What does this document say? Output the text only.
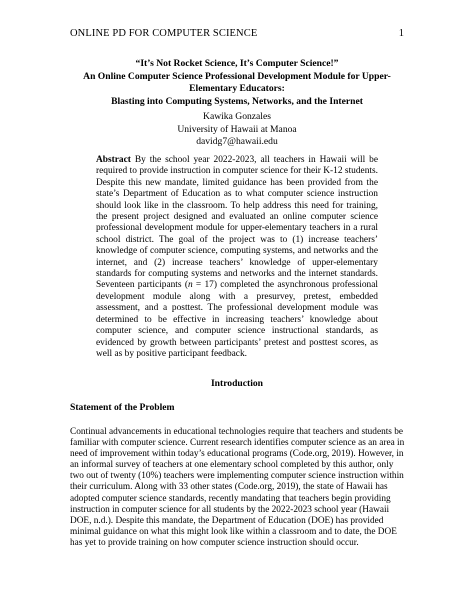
ONLINE PD FOR COMPUTER SCIENCE	1
“It’s Not Rocket Science, It’s Computer Science!”
An Online Computer Science Professional Development Module for Upper-
Elementary Educators:
Blasting into Computing Systems, Networks, and the Internet
Kawika Gonzales
University of Hawaii at Manoa
davidg7@hawaii.edu
Abstract By the school year 2022-2023, all teachers in Hawaii will be required to provide instruction in computer science for their K-12 students. Despite this new mandate, limited guidance has been provided from the state’s Department of Education as to what computer science instruction should look like in the classroom. To help address this need for training, the present project designed and evaluated an online computer science professional development module for upper-elementary teachers in a rural school district. The goal of the project was to (1) increase teachers’ knowledge of computer science, computing systems, and networks and the internet, and (2) increase teachers’ knowledge of upper-elementary standards for computing systems and networks and the internet standards. Seventeen participants (n = 17) completed the asynchronous professional development module along with a presurvey, pretest, embedded assessment, and a posttest. The professional development module was determined to be effective in increasing teachers’ knowledge about computer science, and computer science instructional standards, as evidenced by growth between participants’ pretest and posttest scores, as well as by positive participant feedback.
Introduction
Statement of the Problem
Continual advancements in educational technologies require that teachers and students be familiar with computer science. Current research identifies computer science as an area in need of improvement within today’s educational programs (Code.org, 2019). However, in an informal survey of teachers at one elementary school completed by this author, only two out of twenty (10%) teachers were implementing computer science instruction within their curriculum. Along with 33 other states (Code.org, 2019), the state of Hawaii has adopted computer science standards, recently mandating that teachers begin providing instruction in computer science for all students by the 2022-2023 school year (Hawaii DOE, n.d.). Despite this mandate, the Department of Education (DOE) has provided minimal guidance on what this might look like within a classroom and to date, the DOE has yet to provide training on how computer science instruction should occur.
